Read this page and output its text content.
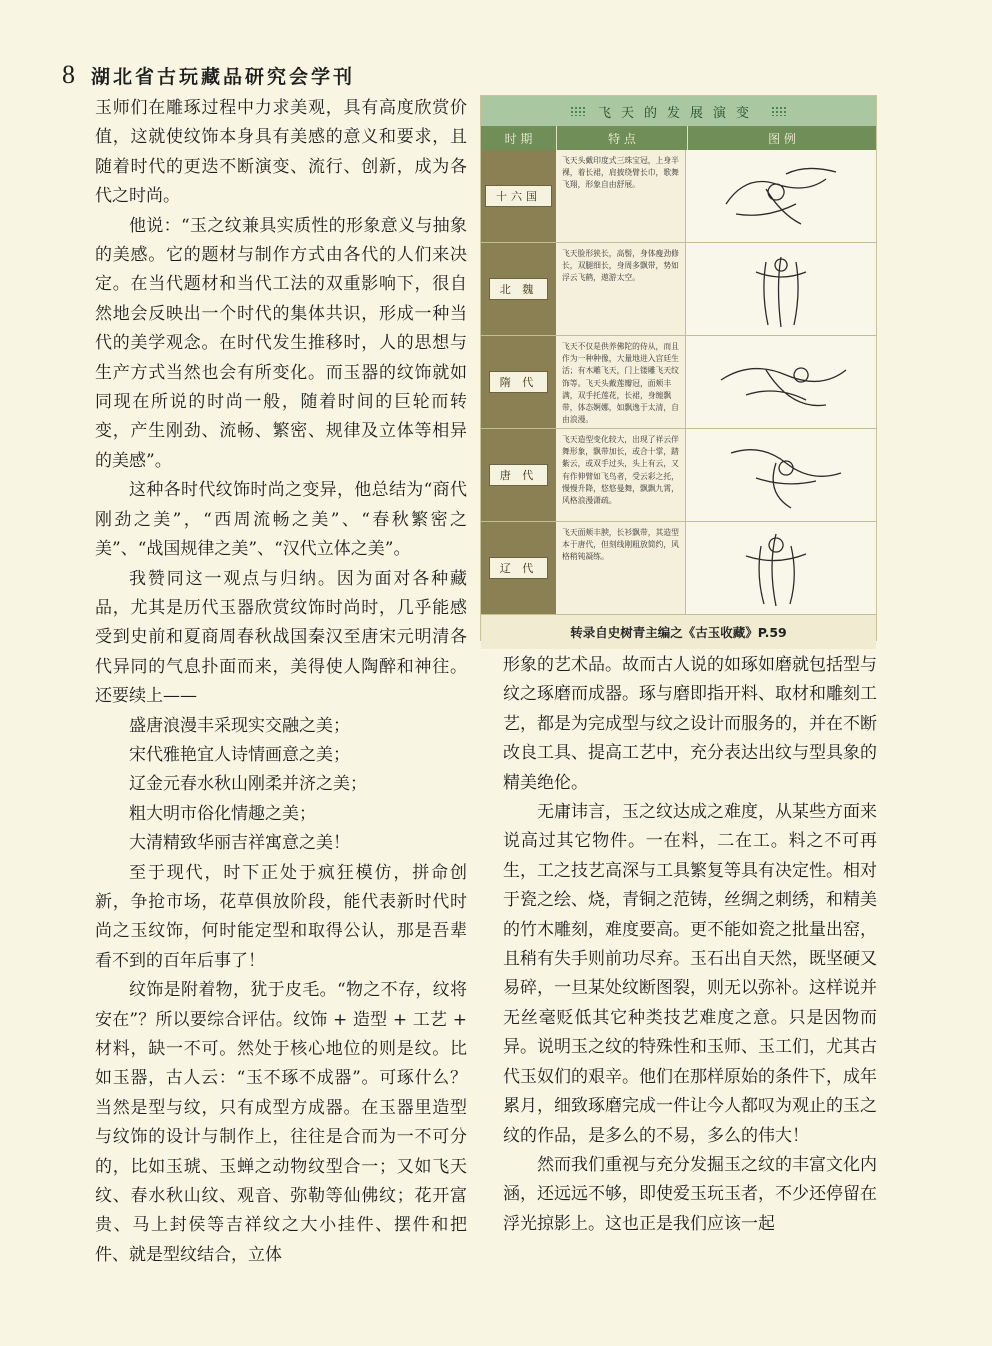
8 湖北省古玩藏品研究会学刊

玉师们在雕琢过程中力求美观，具有高度欣赏价值，这就使纹饰本身具有美感的意义和要求，且随着时代的更迭不断演变、流行、创新，成为各代之时尚。

他说：“玉之纹兼具实质性的形象意义与抽象的美感。它的题材与制作方式由各代的人们来决定。在当代题材和当代工法的双重影响下，很自然地会反映出一个时代的集体共识，形成一种当代的美学观念。在时代发生推移时，人的思想与生产方式当然也会有所变化。而玉器的纹饰就如同现在所说的时尚一般，随着时间的巨轮而转变，产生刚劲、流畅、繁密、规律及立体等相异的美感”。

这种各时代纹饰时尚之变异，他总结为“商代刚劲之美”，“西周流畅之美”、“春秋繁密之美”、“战国规律之美”、“汉代立体之美”。

我赞同这一观点与归纳。因为面对各种藏品，尤其是历代玉器欣赏纹饰时尚时，几乎能感受到史前和夏商周春秋战国秦汉至唐宋元明清各代异同的气息扑面而来，美得使人陶醉和神往。还要续上——

盛唐浪漫丰采现实交融之美；

宋代雅艳宜人诗情画意之美；

辽金元春水秋山刚柔并济之美；

粗大明市俗化情趣之美；

大清精致华丽吉祥寓意之美！

至于现代，时下正处于疯狂模仿，拼命创新，争抢市场，花草俱放阶段，能代表新时代时尚之玉纹饰，何时能定型和取得公认，那是吾辈看不到的百年后事了！

纹饰是附着物，犹于皮毛。“物之不存，纹将安在”？所以要综合评估。纹饰 + 造型 + 工艺 + 材料，缺一不可。然处于核心地位的则是纹。比如玉器，古人云：“玉不琢不成器”。可琢什么？当然是型与纹，只有成型方成器。在玉器里造型与纹饰的设计与制作上，往往是合而为一不可分的，比如玉琥、玉蝉之动物纹型合一；又如飞天纹、春水秋山纹、观音、弥勒等仙佛纹；花开富贵、马上封侯等吉祥纹之大小挂件、摆件和把件、就是型纹结合，立体

形象的艺术品。故而古人说的如琢如磨就包括型与纹之琢磨而成器。琢与磨即指开料、取材和雕刻工艺，都是为完成型与纹之设计而服务的，并在不断改良工具、提高工艺中，充分表达出纹与型具象的精美绝伦。

无庸讳言，玉之纹达成之难度，从某些方面来说高过其它物件。一在料，二在工。料之不可再生，工之技艺高深与工具繁复等具有决定性。相对于瓷之绘、烧，青铜之范铸，丝绸之刺绣，和精美的竹木雕刻，难度要高。更不能如瓷之批量出窑，且稍有失手则前功尽弃。玉石出自天然，既坚硬又易碎，一旦某处纹断图裂，则无以弥补。这样说并无丝毫贬低其它种类技艺难度之意。只是因物而异。说明玉之纹的特殊性和玉师、玉工们，尤其古代玉奴们的艰辛。他们在那样原始的条件下，成年累月，细致琢磨完成一件让今人都叹为观止的玉之纹的作品，是多么的不易，多么的伟大！

然而我们重视与充分发掘玉之纹的丰富文化内涵，还远远不够，即使爱玉玩玉者，不少还停留在浮光掠影上。这也正是我们应该一起

飞天的发展演变
时 期	特 点	图 例
十六国
飞天头戴印度式三珠宝冠，上身半裸，着长裙，肩披绕臂长巾，歌舞飞翔，形象自由舒展。
北 魏
飞天脸形狭长，高髻，身体瘦劲修长，双腿细长，身周多飘带，势如浮云飞鹤，遨游太空。
隋 代
飞天不仅是供养佛陀的侍从，而且作为一种种像，大量地进入宫廷生活；有木雕飞天，门上镂雕飞天纹饰等。飞天头戴莲瓣冠，面颊丰满，双手托莲花，长裙，身缠飘带，体态婀娜，如飘逸于太清，自由浪漫。
唐 代
飞天造型变化较大，出现了祥云伴舞形象，飘带加长，或合十掌，踏紫云，或双手过头，头上有云，又有作伸臂如飞鸟者，受云彩之托，慢慢升降，悠悠曼舞，飘飘九霄，风格浪漫潇疏。
辽 代
飞天面颊丰腴，长衫飘带，其造型本于唐代，但刻线刚粗放简约，风格稍钝凝练。
转录自史树青主编之《古玉收藏》P.59
